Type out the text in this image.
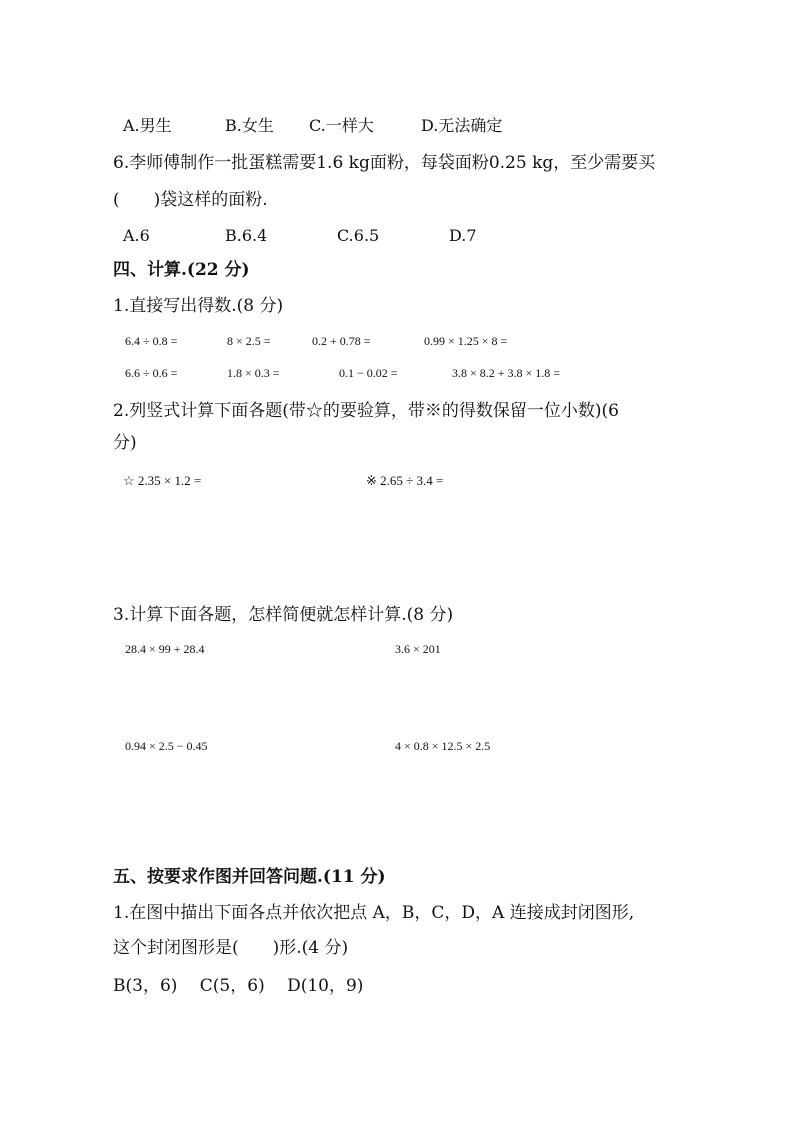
A.男生	B.女生 C.一样大	D.无法确定
6.李师傅制作一批蛋糕需要1.6 kg面粉，每袋面粉0.25 kg，至少需要买
(　　)袋这样的面粉.
A.6	B.6.4	C.6.5	D.7
四、计算.(22 分)
1.直接写出得数.(8 分)
6.4 ÷ 0.8 =	8 × 2.5 =	0.2 + 0.78 =	0.99 × 1.25 × 8 =
6.6 ÷ 0.6 =	1.8 × 0.3 =	0.1 − 0.02 =	3.8 × 8.2 + 3.8 × 1.8 =
2.列竖式计算下面各题(带☆的要验算，带※的得数保留一位小数)(6
分)
☆ 2.35 × 1.2 =	※ 2.65 ÷ 3.4 =
3.计算下面各题，怎样简便就怎样计算.(8 分)
28.4 × 99 + 28.4	3.6 × 201
0.94 × 2.5 − 0.45	4 × 0.8 × 12.5 × 2.5
五、按要求作图并回答问题.(11 分)
1.在图中描出下面各点并依次把点 A，B，C，D，A 连接成封闭图形,
这个封闭图形是(　　)形.(4 分)
B(3，6)　 C(5，6)　 D(10，9)
